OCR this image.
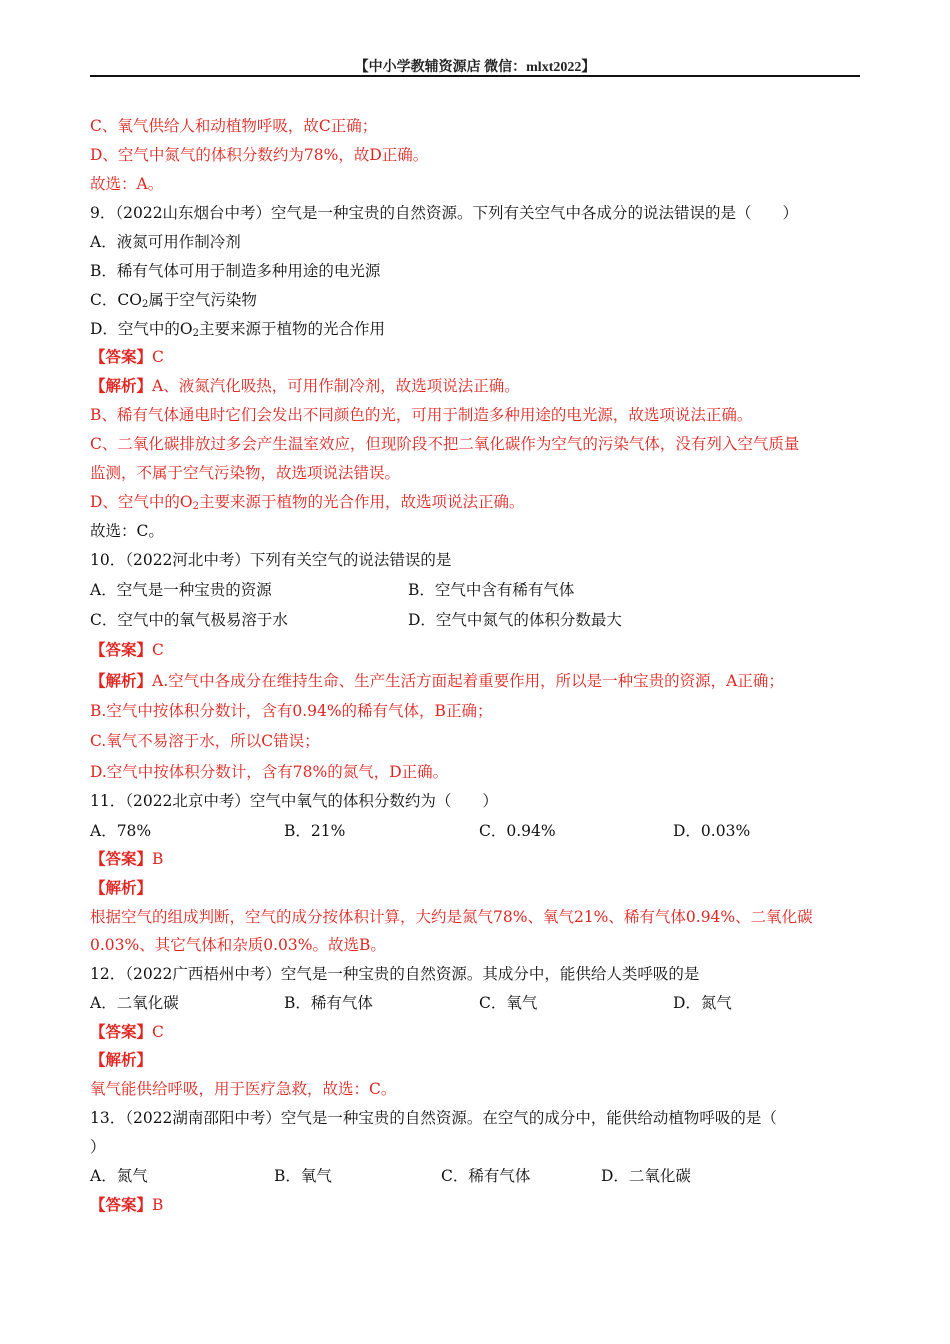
【中小学教辅资源店 微信：mlxt2022】
C、氧气供给人和动植物呼吸，故C正确；
D、空气中氮气的体积分数约为78%，故D正确。
故选：A。
9．（2022山东烟台中考）空气是一种宝贵的自然资源。下列有关空气中各成分的说法错误的是（　　）
A．液氮可用作制冷剂
B．稀有气体可用于制造多种用途的电光源
C．$CO_2$属于空气污染物
D．空气中的$O_2$主要来源于植物的光合作用
【答案】C
【解析】A、液氮汽化吸热，可用作制冷剂，故选项说法正确。
B、稀有气体通电时它们会发出不同颜色的光，可用于制造多种用途的电光源，故选项说法正确。
C、二氧化碳排放过多会产生温室效应，但现阶段不把二氧化碳作为空气的污染气体，没有列入空气质量
监测，不属于空气污染物，故选项说法错误。
D、空气中的$O_2$主要来源于植物的光合作用，故选项说法正确。
故选：C。
10．（2022河北中考）下列有关空气的说法错误的是
A．空气是一种宝贵的资源	B．空气中含有稀有气体
C．空气中的氧气极易溶于水	D．空气中氮气的体积分数最大
【答案】C
【解析】A.空气中各成分在维持生命、生产生活方面起着重要作用，所以是一种宝贵的资源，A正确；
B.空气中按体积分数计，含有0.94%的稀有气体，B正确；
C.氧气不易溶于水，所以C错误；
D.空气中按体积分数计，含有78%的氮气，D正确。
11．（2022北京中考）空气中氧气的体积分数约为（　　）
A．78%	B．21%	C．0.94%	D．0.03%
【答案】B
【解析】
根据空气的组成判断，空气的成分按体积计算，大约是氮气78%、氧气21%、稀有气体0.94%、二氧化碳
0.03%、其它气体和杂质0.03%。故选B。
12．（2022广西梧州中考）空气是一种宝贵的自然资源。其成分中，能供给人类呼吸的是
A．二氧化碳	B．稀有气体	C．氧气	D．氮气
【答案】C
【解析】
氧气能供给呼吸，用于医疗急救，故选：C。
13．（2022湖南邵阳中考）空气是一种宝贵的自然资源。在空气的成分中，能供给动植物呼吸的是（
）
A．氮气	B．氧气	C．稀有气体	D．二氧化碳
【答案】B
